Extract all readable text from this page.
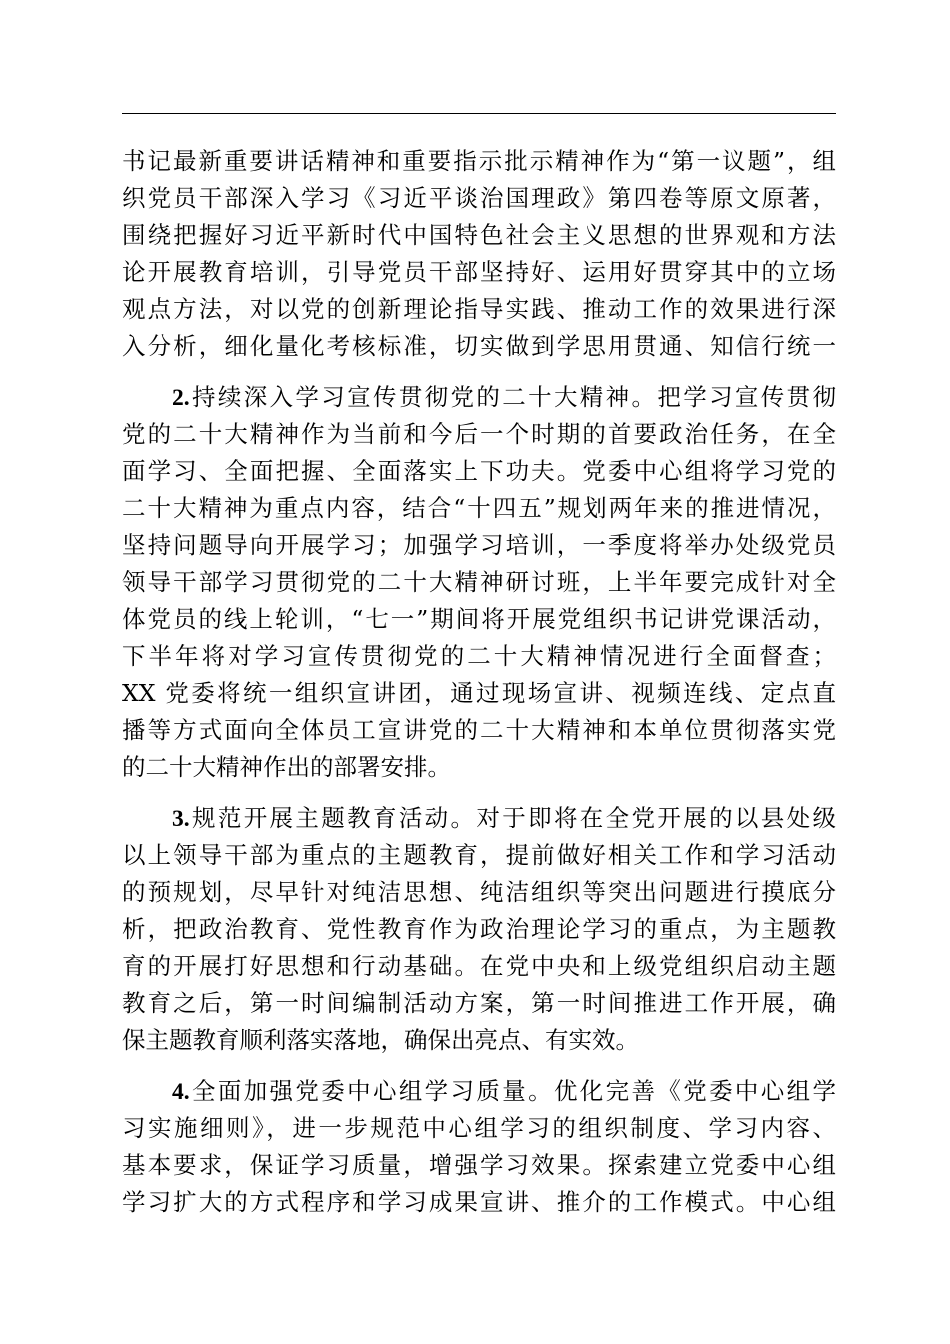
书记最新重要讲话精神和重要指示批示精神作为“第一议题”，组
织党员干部深入学习《习近平谈治国理政》第四卷等原文原著，
围绕把握好习近平新时代中国特色社会主义思想的世界观和方法
论开展教育培训，引导党员干部坚持好、运用好贯穿其中的立场
观点方法，对以党的创新理论指导实践、推动工作的效果进行深
入分析，细化量化考核标准，切实做到学思用贯通、知信行统一
2.持续深入学习宣传贯彻党的二十大精神。把学习宣传贯彻
党的二十大精神作为当前和今后一个时期的首要政治任务，在全
面学习、全面把握、全面落实上下功夫。党委中心组将学习党的
二十大精神为重点内容，结合“十四五”规划两年来的推进情况，
坚持问题导向开展学习；加强学习培训，一季度将举办处级党员
领导干部学习贯彻党的二十大精神研讨班，上半年要完成针对全
体党员的线上轮训，“七一”期间将开展党组织书记讲党课活动，
下半年将对学习宣传贯彻党的二十大精神情况进行全面督查；
XX 党委将统一组织宣讲团，通过现场宣讲、视频连线、定点直
播等方式面向全体员工宣讲党的二十大精神和本单位贯彻落实党
的二十大精神作出的部署安排。
3.规范开展主题教育活动。对于即将在全党开展的以县处级
以上领导干部为重点的主题教育，提前做好相关工作和学习活动
的预规划，尽早针对纯洁思想、纯洁组织等突出问题进行摸底分
析，把政治教育、党性教育作为政治理论学习的重点，为主题教
育的开展打好思想和行动基础。在党中央和上级党组织启动主题
教育之后，第一时间编制活动方案，第一时间推进工作开展，确
保主题教育顺利落实落地，确保出亮点、有实效。
4.全面加强党委中心组学习质量。优化完善《党委中心组学
习实施细则》，进一步规范中心组学习的组织制度、学习内容、
基本要求，保证学习质量，增强学习效果。探索建立党委中心组
学习扩大的方式程序和学习成果宣讲、推介的工作模式。中心组
